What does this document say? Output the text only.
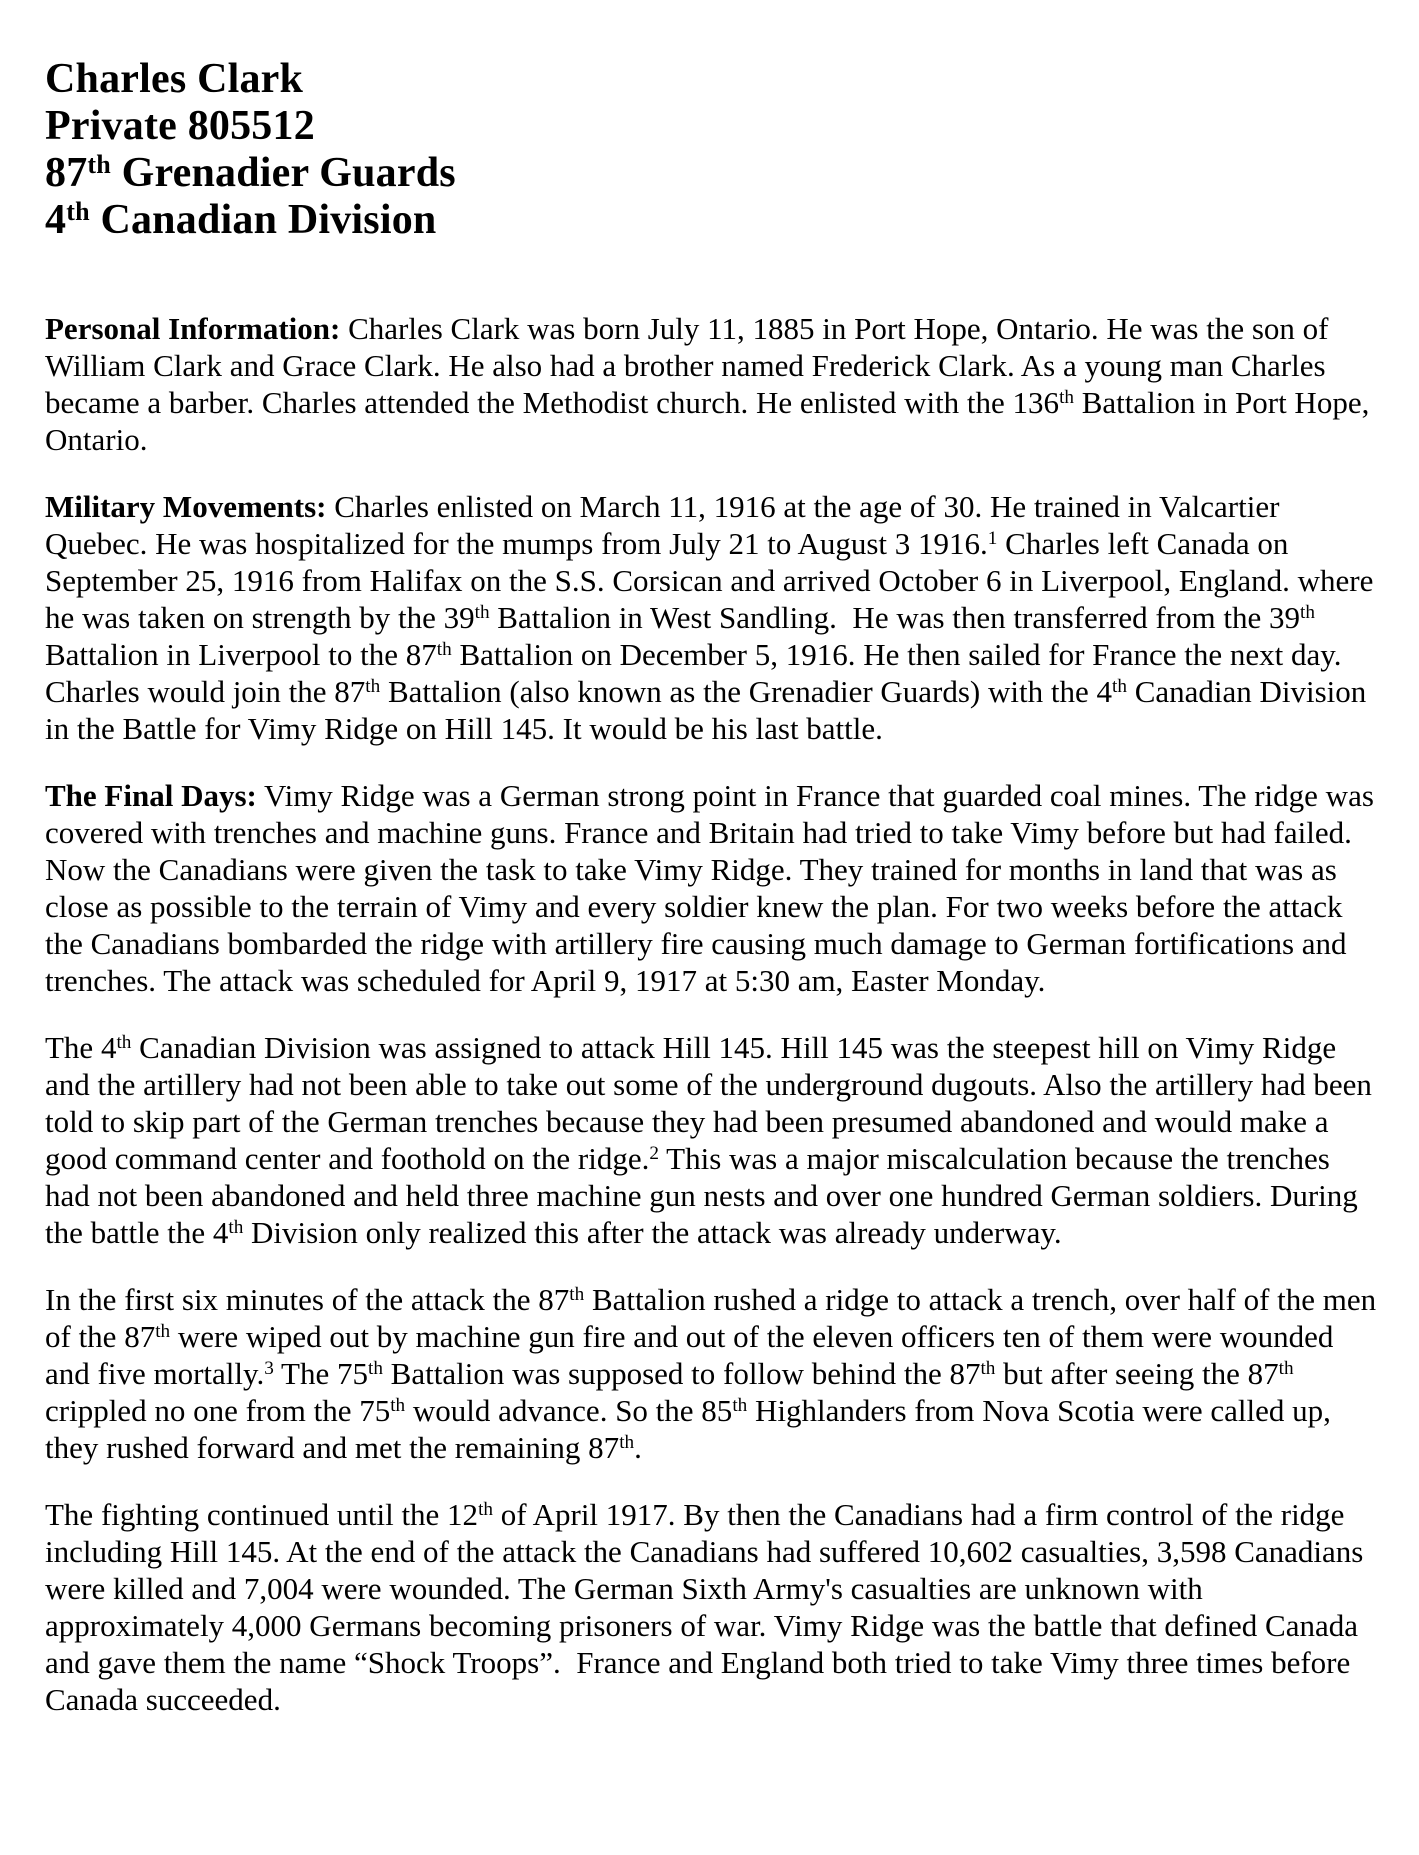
Charles Clark
Private 805512
87th Grenadier Guards
4th Canadian Division

Personal Information: Charles Clark was born July 11, 1885 in Port Hope, Ontario. He was the son of William Clark and Grace Clark. He also had a brother named Frederick Clark. As a young man Charles became a barber. Charles attended the Methodist church. He enlisted with the 136th Battalion in Port Hope, Ontario.

Military Movements: Charles enlisted on March 11, 1916 at the age of 30. He trained in Valcartier Quebec. He was hospitalized for the mumps from July 21 to August 3 1916.$^1$ Charles left Canada on September 25, 1916 from Halifax on the S.S. Corsican and arrived October 6 in Liverpool, England. where he was taken on strength by the 39th Battalion in West Sandling.  He was then transferred from the 39th Battalion in Liverpool to the 87th Battalion on December 5, 1916. He then sailed for France the next day. Charles would join the 87th Battalion (also known as the Grenadier Guards) with the 4th Canadian Division in the Battle for Vimy Ridge on Hill 145. It would be his last battle.

The Final Days: Vimy Ridge was a German strong point in France that guarded coal mines. The ridge was covered with trenches and machine guns. France and Britain had tried to take Vimy before but had failed. Now the Canadians were given the task to take Vimy Ridge. They trained for months in land that was as close as possible to the terrain of Vimy and every soldier knew the plan. For two weeks before the attack the Canadians bombarded the ridge with artillery fire causing much damage to German fortifications and trenches. The attack was scheduled for April 9, 1917 at 5:30 am, Easter Monday.

The 4th Canadian Division was assigned to attack Hill 145. Hill 145 was the steepest hill on Vimy Ridge and the artillery had not been able to take out some of the underground dugouts. Also the artillery had been told to skip part of the German trenches because they had been presumed abandoned and would make a good command center and foothold on the ridge.$^2$ This was a major miscalculation because the trenches had not been abandoned and held three machine gun nests and over one hundred German soldiers. During the battle the 4th Division only realized this after the attack was already underway.

In the first six minutes of the attack the 87th Battalion rushed a ridge to attack a trench, over half of the men of the 87th were wiped out by machine gun fire and out of the eleven officers ten of them were wounded and five mortally.$^3$ The 75th Battalion was supposed to follow behind the 87th but after seeing the 87th crippled no one from the 75th would advance. So the 85th Highlanders from Nova Scotia were called up, they rushed forward and met the remaining 87th.

The fighting continued until the 12th of April 1917. By then the Canadians had a firm control of the ridge including Hill 145. At the end of the attack the Canadians had suffered 10,602 casualties, 3,598 Canadians were killed and 7,004 were wounded. The German Sixth Army's casualties are unknown with approximately 4,000 Germans becoming prisoners of war. Vimy Ridge was the battle that defined Canada and gave them the name “Shock Troops”.  France and England both tried to take Vimy three times before Canada succeeded.
